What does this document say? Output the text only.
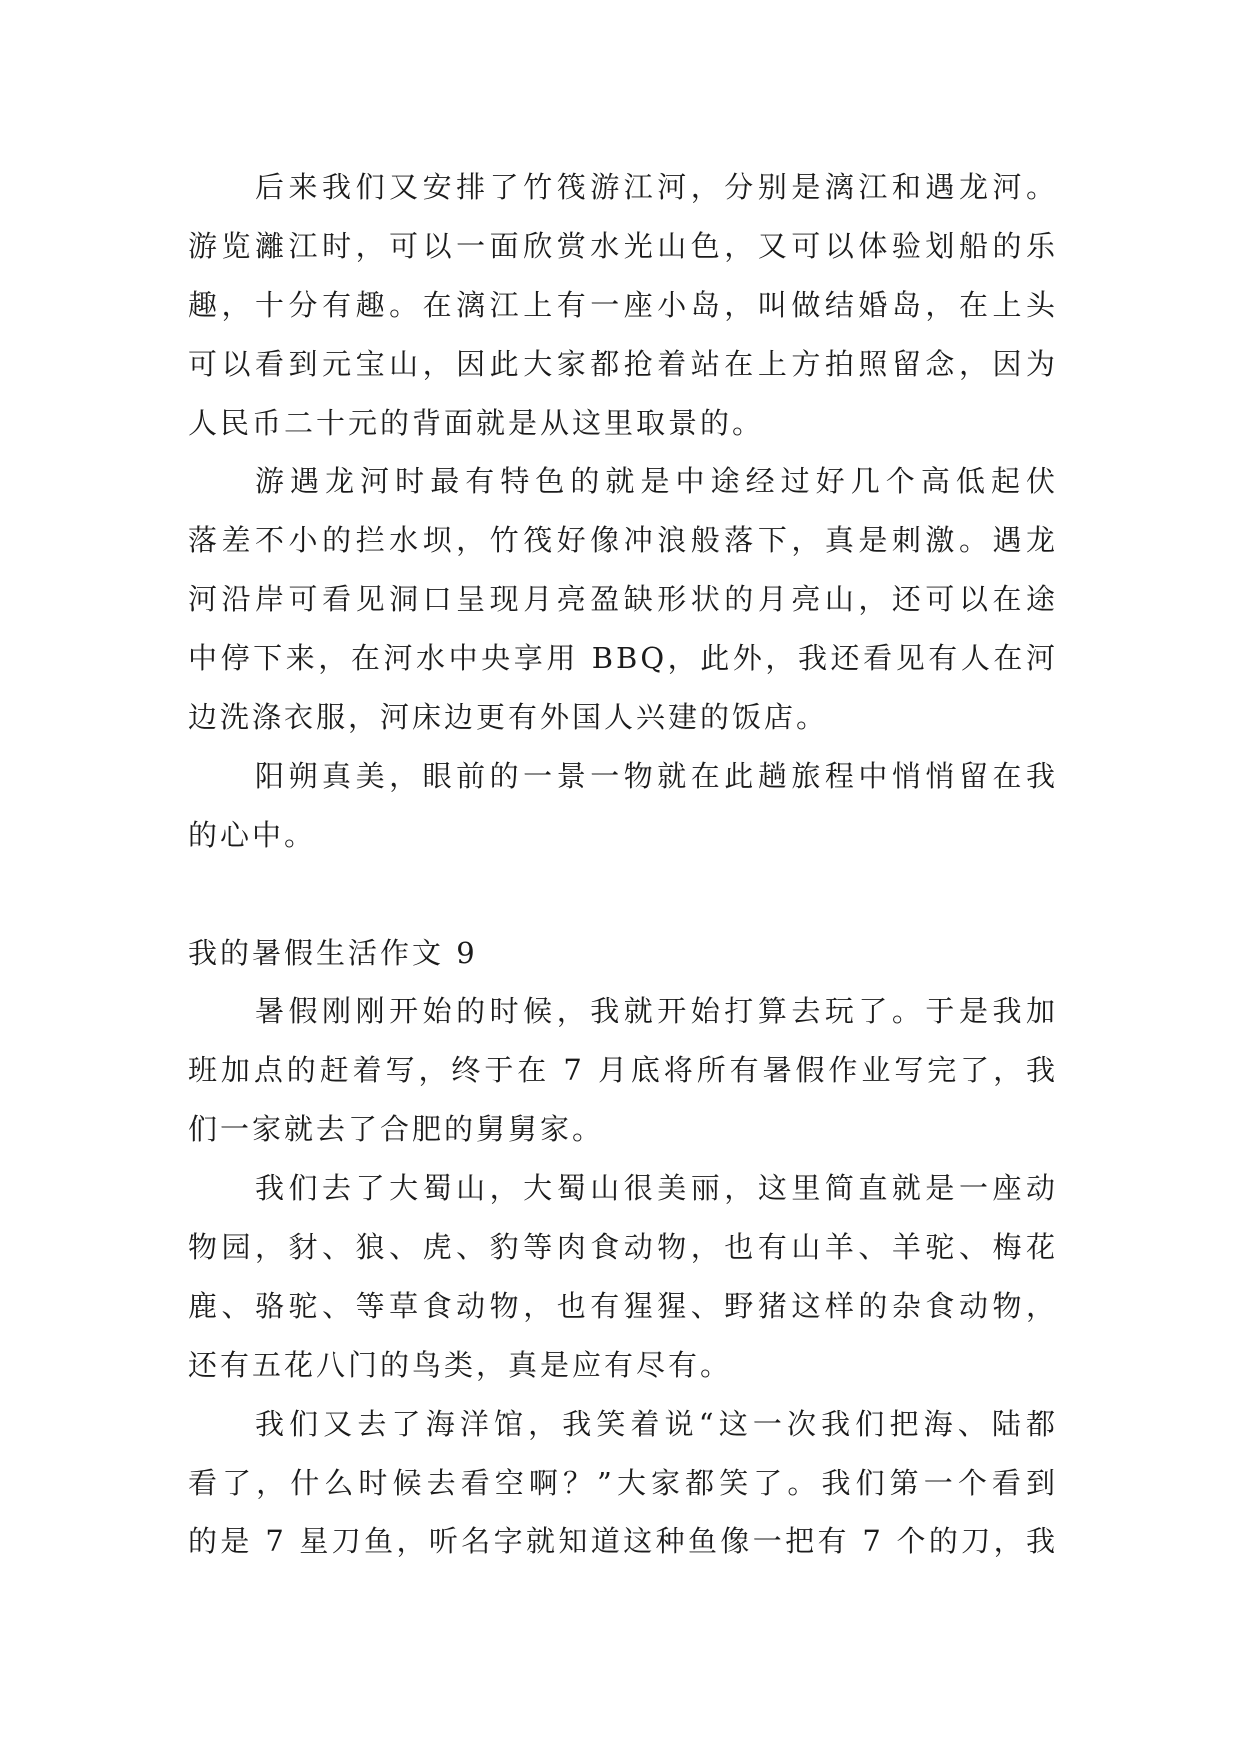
后来我们又安排了竹筏游江河，分别是漓江和遇龙河。
游览灕江时，可以一面欣赏水光山色，又可以体验划船的乐
趣，十分有趣。在漓江上有一座小岛，叫做结婚岛，在上头
可以看到元宝山，因此大家都抢着站在上方拍照留念，因为
人民币二十元的背面就是从这里取景的。
游遇龙河时最有特色的就是中途经过好几个高低起伏
落差不小的拦水坝，竹筏好像冲浪般落下，真是刺激。遇龙
河沿岸可看见洞口呈现月亮盈缺形状的月亮山，还可以在途
中停下来，在河水中央享用 BBQ，此外，我还看见有人在河
边洗涤衣服，河床边更有外国人兴建的饭店。
阳朔真美，眼前的一景一物就在此趟旅程中悄悄留在我
的心中。
我的暑假生活作文 9
暑假刚刚开始的时候，我就开始打算去玩了。于是我加
班加点的赶着写，终于在 7 月底将所有暑假作业写完了，我
们一家就去了合肥的舅舅家。
我们去了大蜀山，大蜀山很美丽，这里简直就是一座动
物园，豺、狼、虎、豹等肉食动物，也有山羊、羊驼、梅花
鹿、骆驼、等草食动物，也有猩猩、野猪这样的杂食动物，
还有五花八门的鸟类，真是应有尽有。
我们又去了海洋馆，我笑着说“这一次我们把海、陆都
看了，什么时候去看空啊？”大家都笑了。我们第一个看到
的是 7 星刀鱼，听名字就知道这种鱼像一把有 7 个的刀，我
